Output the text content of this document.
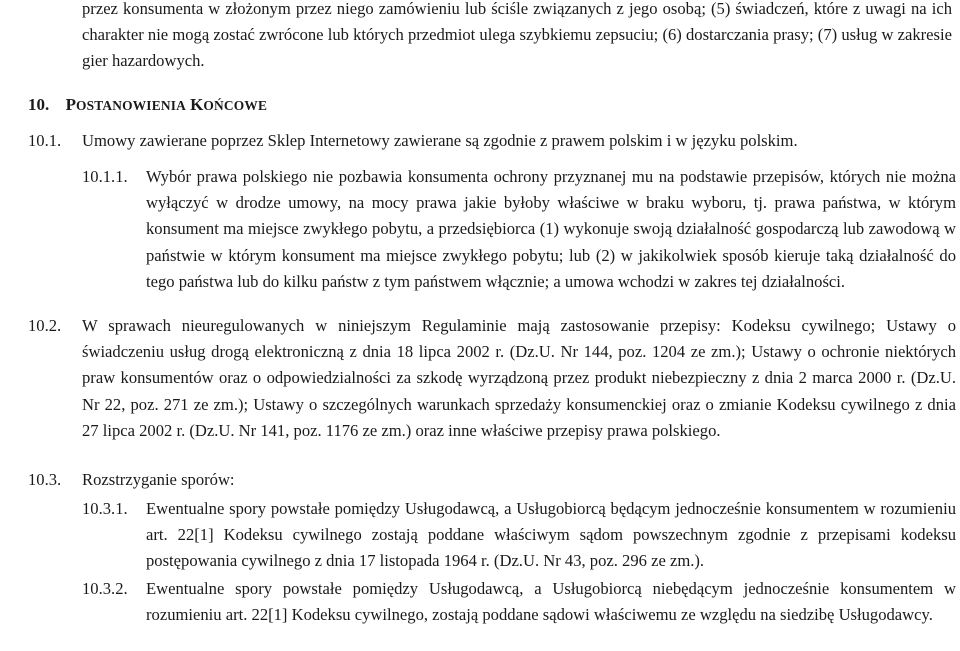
przez konsumenta w złożonym przez niego zamówieniu lub ściśle związanych z jego osobą; (5) świadczeń, które z uwagi na ich charakter nie mogą zostać zwrócone lub których przedmiot ulega szybkiemu zepsuciu; (6) dostarczania prasy; (7) usług w zakresie gier hazardowych.
10. POSTANOWIENIA KOŃCOWE
10.1. Umowy zawierane poprzez Sklep Internetowy zawierane są zgodnie z prawem polskim i w języku polskim.
10.1.1. Wybór prawa polskiego nie pozbawia konsumenta ochrony przyznanej mu na podstawie przepisów, których nie można wyłączyć w drodze umowy, na mocy prawa jakie byłoby właściwe w braku wyboru, tj. prawa państwa, w którym konsument ma miejsce zwykłego pobytu, a przedsiębiorca (1) wykonuje swoją działalność gospodarczą lub zawodową w państwie w którym konsument ma miejsce zwykłego pobytu; lub (2) w jakikolwiek sposób kieruje taką działalność do tego państwa lub do kilku państw z tym państwem włącznie; a umowa wchodzi w zakres tej działalności.
10.2. W sprawach nieuregulowanych w niniejszym Regulaminie mają zastosowanie przepisy: Kodeksu cywilnego; Ustawy o świadczeniu usług drogą elektroniczną z dnia 18 lipca 2002 r. (Dz.U. Nr 144, poz. 1204 ze zm.); Ustawy o ochronie niektórych praw konsumentów oraz o odpowiedzialności za szkodę wyrządzoną przez produkt niebezpieczny z dnia 2 marca 2000 r. (Dz.U. Nr 22, poz. 271 ze zm.); Ustawy o szczególnych warunkach sprzedaży konsumenckiej oraz o zmianie Kodeksu cywilnego z dnia 27 lipca 2002 r. (Dz.U. Nr 141, poz. 1176 ze zm.) oraz inne właściwe przepisy prawa polskiego.
10.3. Rozstrzyganie sporów:
10.3.1. Ewentualne spory powstałe pomiędzy Usługodawcą, a Usługobiorcą będącym jednocześnie konsumentem w rozumieniu art. 22[1] Kodeksu cywilnego zostają poddane właściwym sądom powszechnym zgodnie z przepisami kodeksu postępowania cywilnego z dnia 17 listopada 1964 r. (Dz.U. Nr 43, poz. 296 ze zm.).
10.3.2. Ewentualne spory powstałe pomiędzy Usługodawcą, a Usługobiorcą niebędącym jednocześnie konsumentem w rozumieniu art. 22[1] Kodeksu cywilnego, zostają poddane sądowi właściwemu ze względu na siedzibę Usługodawcy.
